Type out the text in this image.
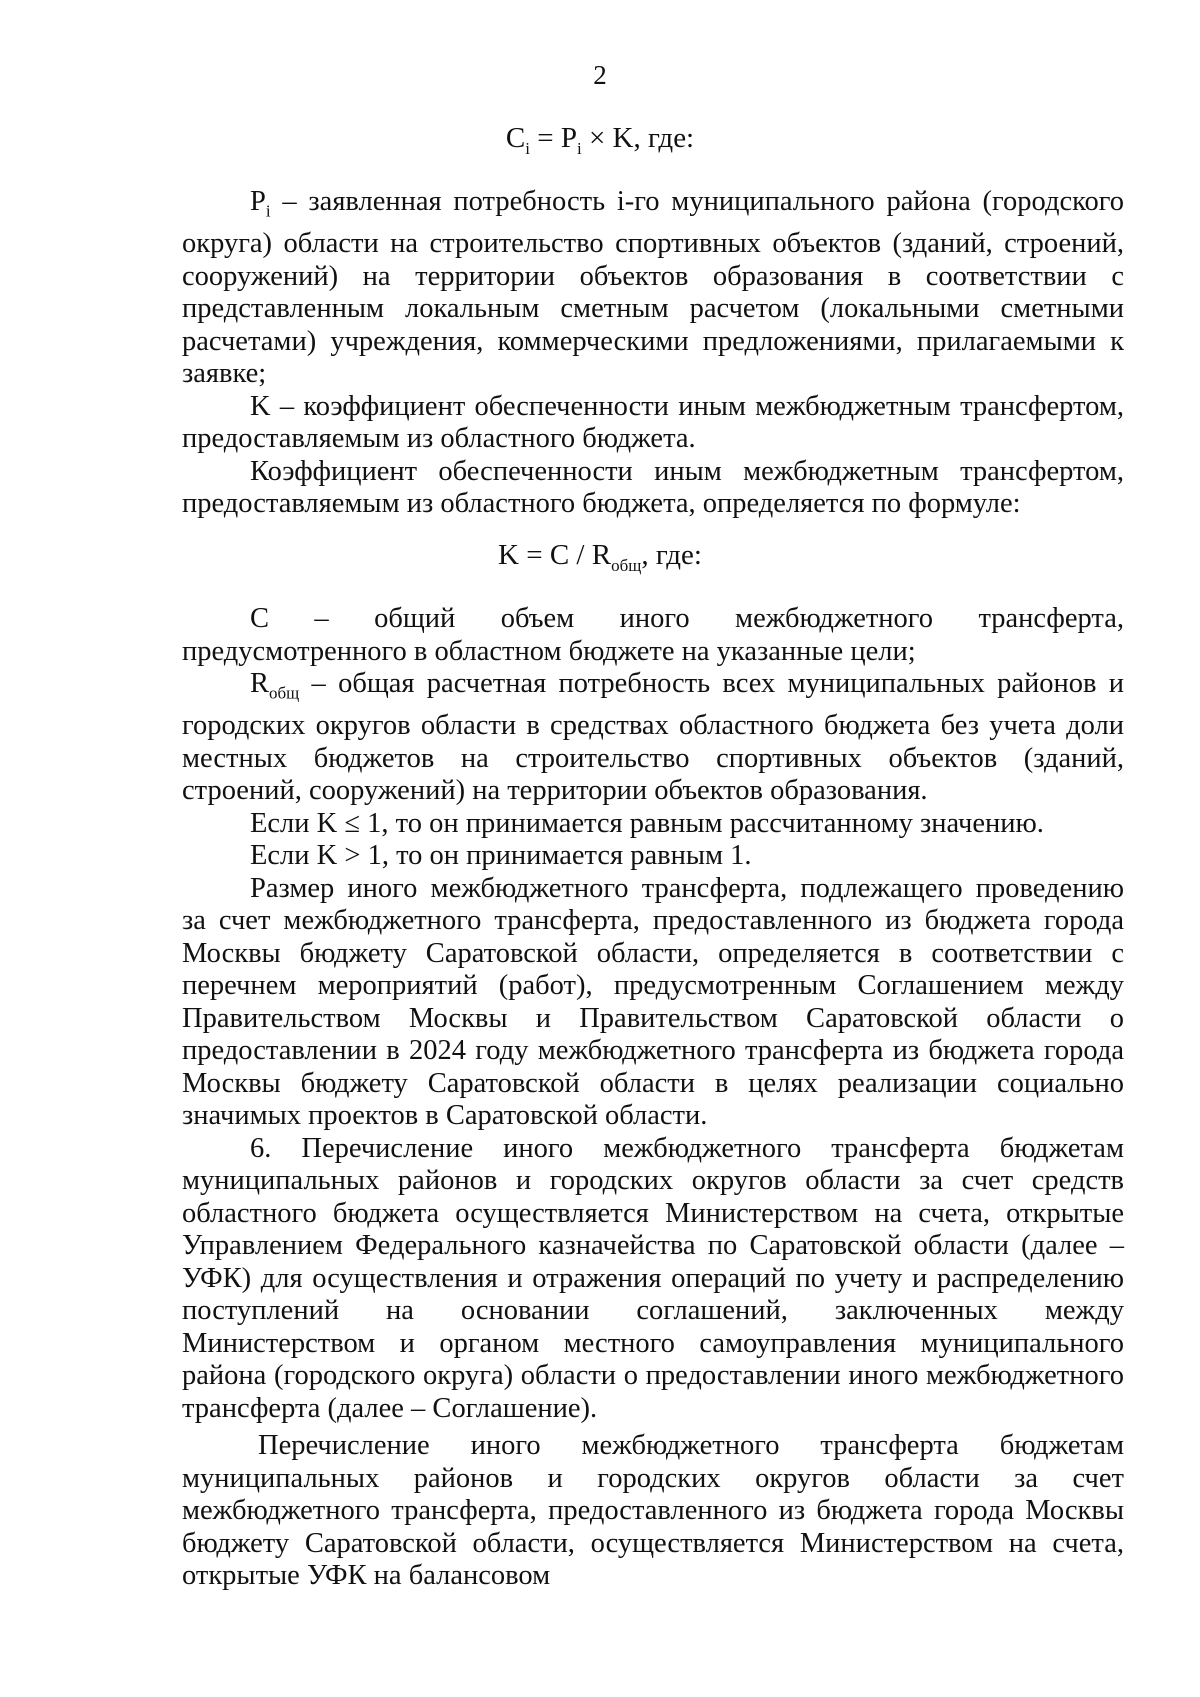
2
$C_i = P_i \times K$, где:

$P_i$ – заявленная потребность i-го муниципального района (городского округа) области на строительство спортивных объектов (зданий, строений, сооружений) на территории объектов образования в соответствии с представленным локальным сметным расчетом (локальными сметными расчетами) учреждения, коммерческими предложениями, прилагаемыми к заявке;

K – коэффициент обеспеченности иным межбюджетным трансфертом, предоставляемым из областного бюджета.

Коэффициент обеспеченности иным межбюджетным трансфертом, предоставляемым из областного бюджета, определяется по формуле:

$K = C / R_{общ}$, где:

C – общий объем иного межбюджетного трансферта, предусмотренного в областном бюджете на указанные цели;

$R_{общ}$ – общая расчетная потребность всех муниципальных районов и городских округов области в средствах областного бюджета без учета доли местных бюджетов на строительство спортивных объектов (зданий, строений, сооружений) на территории объектов образования.

Если K ≤ 1, то он принимается равным рассчитанному значению.

Если K > 1, то он принимается равным 1.

Размер иного межбюджетного трансферта, подлежащего проведению за счет межбюджетного трансферта, предоставленного из бюджета города Москвы бюджету Саратовской области, определяется в соответствии с перечнем мероприятий (работ), предусмотренным Соглашением между Правительством Москвы и Правительством Саратовской области о предоставлении в 2024 году межбюджетного трансферта из бюджета города Москвы бюджету Саратовской области в целях реализации социально значимых проектов в Саратовской области.

6. Перечисление иного межбюджетного трансферта бюджетам муниципальных районов и городских округов области за счет средств областного бюджета осуществляется Министерством на счета, открытые Управлением Федерального казначейства по Саратовской области (далее – УФК) для осуществления и отражения операций по учету и распределению поступлений на основании соглашений, заключенных между Министерством и органом местного самоуправления муниципального района (городского округа) области о предоставлении иного межбюджетного трансферта (далее – Соглашение).

Перечисление иного межбюджетного трансферта бюджетам муниципальных районов и городских округов области за счет межбюджетного трансферта, предоставленного из бюджета города Москвы бюджету Саратовской области, осуществляется Министерством на счета, открытые УФК на балансовом
